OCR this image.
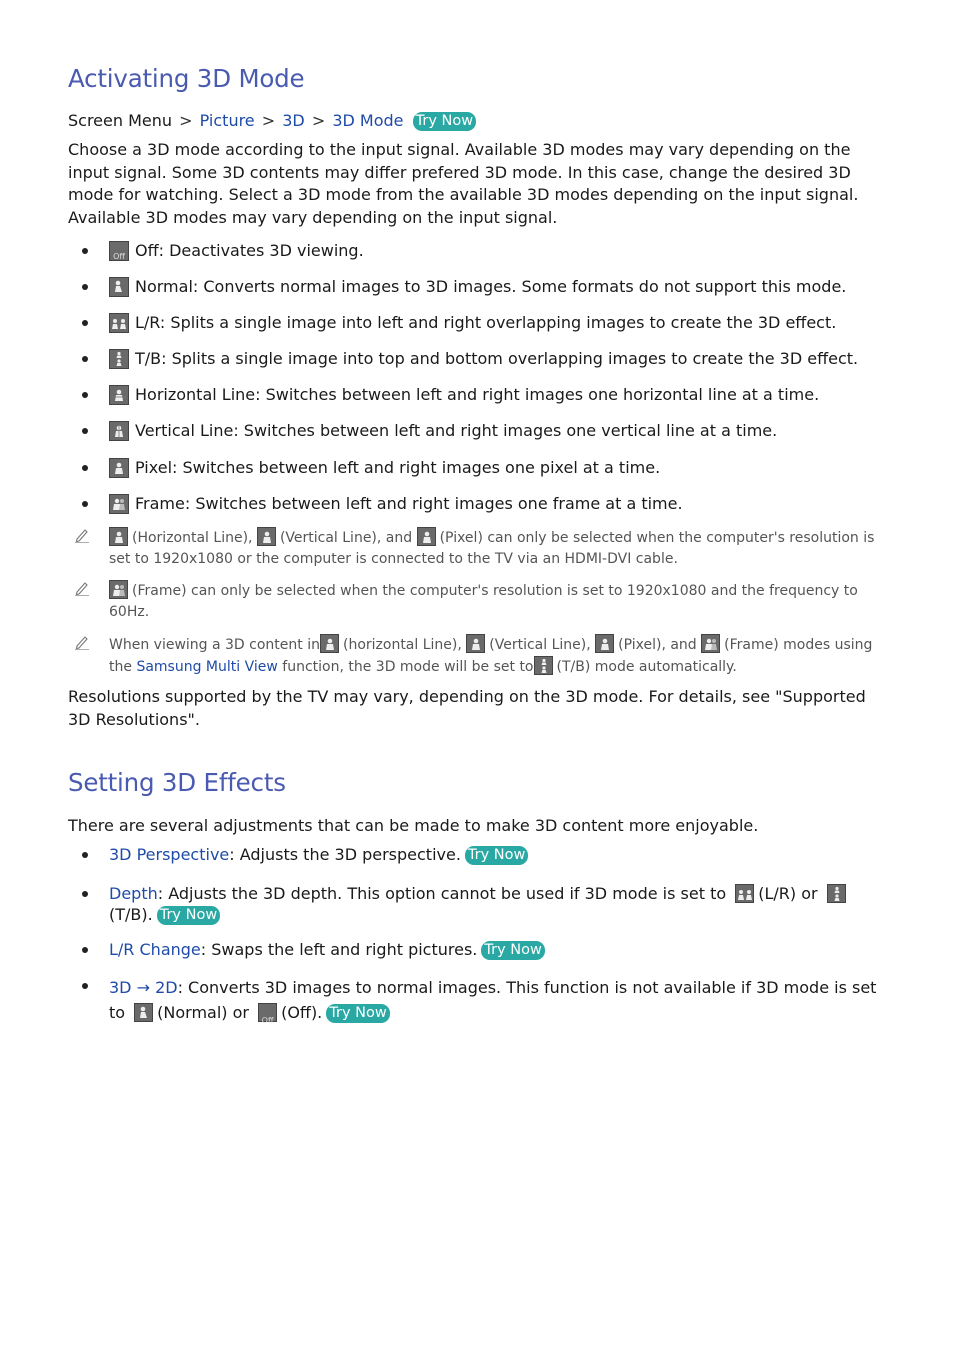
Activating 3D Mode
Screen Menu > Picture > 3D > 3D Mode Try Now

Choose a 3D mode according to the input signal. Available 3D modes may vary depending on the input signal. Some 3D contents may differ prefered 3D mode. In this case, change the desired 3D mode for watching. Select a 3D mode from the available 3D modes depending on the input signal. Available 3D modes may vary depending on the input signal.

Off Off: Deactivates 3D viewing.
Normal: Converts normal images to 3D images. Some formats do not support this mode.
L/R: Splits a single image into left and right overlapping images to create the 3D effect.
T/B: Splits a single image into top and bottom overlapping images to create the 3D effect.
Horizontal Line: Switches between left and right images one horizontal line at a time.
Vertical Line: Switches between left and right images one vertical line at a time.
Pixel: Switches between left and right images one pixel at a time.
Frame: Switches between left and right images one frame at a time.
(Horizontal Line), (Vertical Line), and (Pixel) can only be selected when the computer's resolution is set to 1920x1080 or the computer is connected to the TV via an HDMI-DVI cable.
(Frame) can only be selected when the computer's resolution is set to 1920x1080 and the frequency to 60Hz.
When viewing a 3D content in (horizontal Line), (Vertical Line), (Pixel), and (Frame) modes using the Samsung Multi View function, the 3D mode will be set to (T/B) mode automatically.

Resolutions supported by the TV may vary, depending on the 3D mode. For details, see "Supported 3D Resolutions".

Setting 3D Effects

There are several adjustments that can be made to make 3D content more enjoyable.

3D Perspective: Adjusts the 3D perspective. Try Now
Depth: Adjusts the 3D depth. This option cannot be used if 3D mode is set to (L/R) or
(T/B). Try Now
L/R Change: Swaps the left and right pictures. Try Now
3D → 2D: Converts 3D images to normal images. This function is not available if 3D mode is set to (Normal) or	Off (Off). Try Now
